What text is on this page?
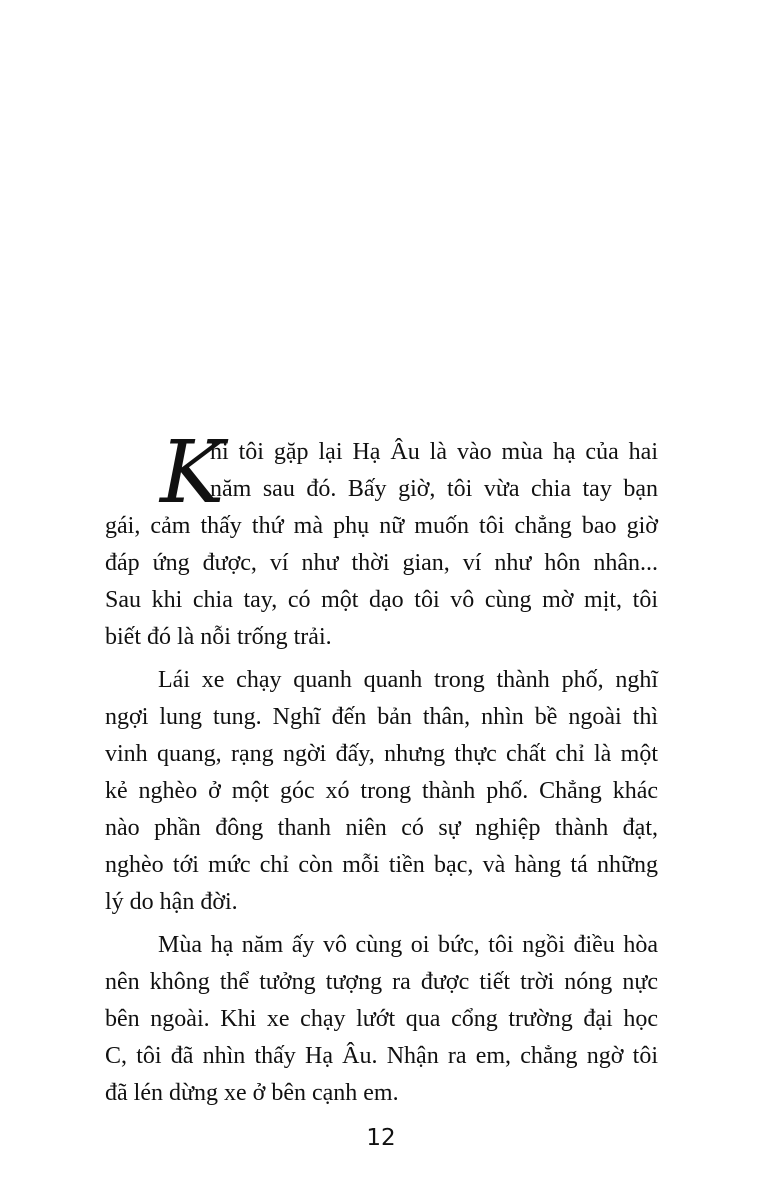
K
hi tôi gặp lại Hạ Âu là vào mùa hạ của hai
năm sau đó. Bấy giờ, tôi vừa chia tay bạn
gái, cảm thấy thứ mà phụ nữ muốn tôi chẳng bao giờ
đáp ứng được, ví như thời gian, ví như hôn nhân...
Sau khi chia tay, có một dạo tôi vô cùng mờ mịt, tôi
biết đó là nỗi trống trải.
Lái xe chạy quanh quanh trong thành phố, nghĩ
ngợi lung tung. Nghĩ đến bản thân, nhìn bề ngoài thì
vinh quang, rạng ngời đấy, nhưng thực chất chỉ là một
kẻ nghèo ở một góc xó trong thành phố. Chẳng khác
nào phần đông thanh niên có sự nghiệp thành đạt,
nghèo tới mức chỉ còn mỗi tiền bạc, và hàng tá những
lý do hận đời.
Mùa hạ năm ấy vô cùng oi bức, tôi ngồi điều hòa
nên không thể tưởng tượng ra được tiết trời nóng nực
bên ngoài. Khi xe chạy lướt qua cổng trường đại học
C, tôi đã nhìn thấy Hạ Âu. Nhận ra em, chẳng ngờ tôi
đã lén dừng xe ở bên cạnh em.
12
